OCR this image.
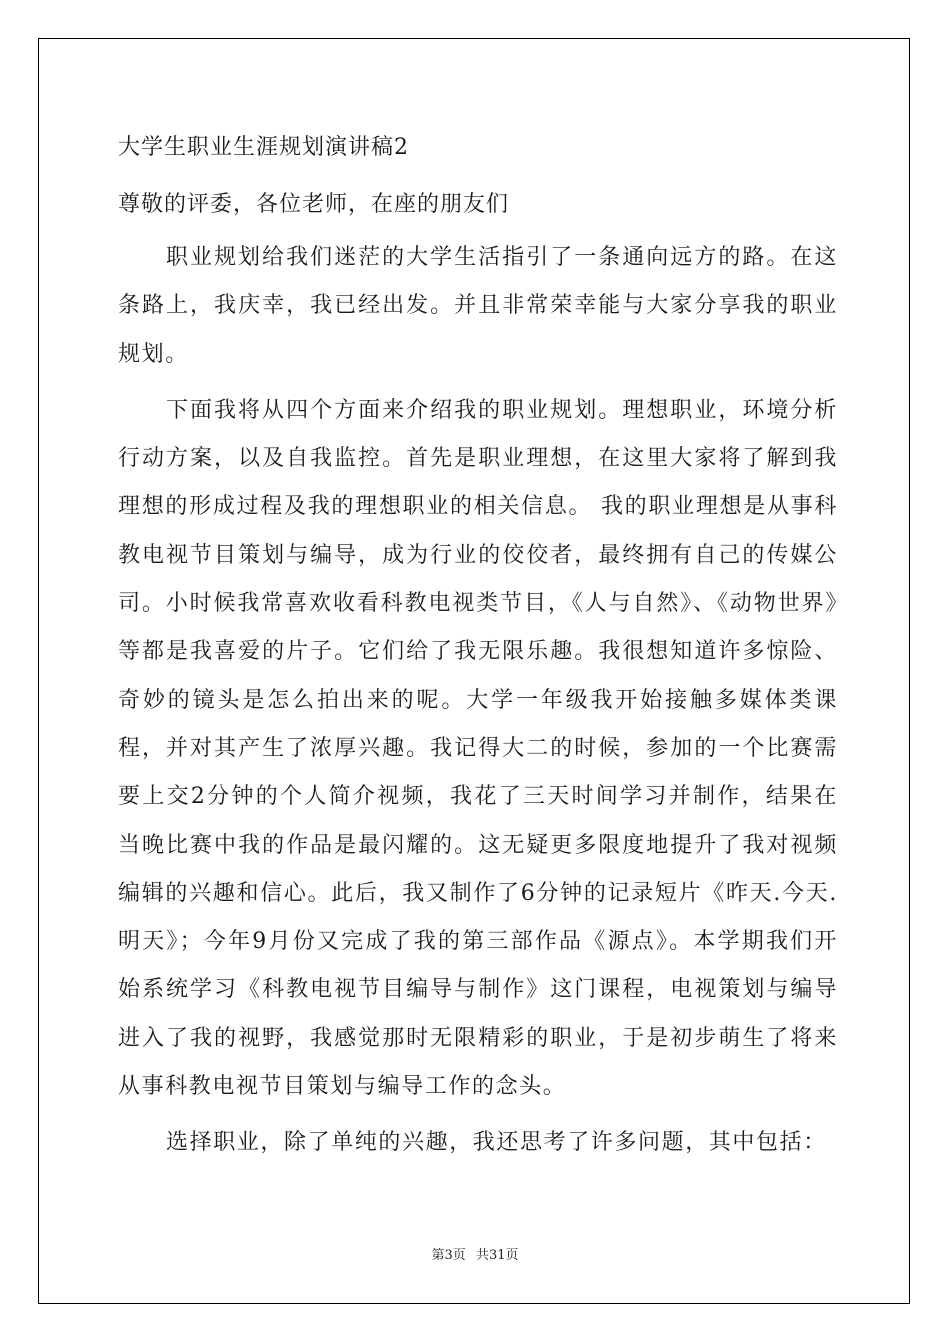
大学生职业生涯规划演讲稿2

尊敬的评委，各位老师，在座的朋友们

职业规划给我们迷茫的大学生活指引了一条通向远方的路。在这条路上，我庆幸，我已经出发。并且非常荣幸能与大家分享我的职业规划。

下面我将从四个方面来介绍我的职业规划。理想职业，环境分析行动方案，以及自我监控。首先是职业理想，在这里大家将了解到我理想的形成过程及我的理想职业的相关信息。 我的职业理想是从事科教电视节目策划与编导，成为行业的佼佼者，最终拥有自己的传媒公司。小时候我常喜欢收看科教电视类节目，《人与自然》、《动物世界》等都是我喜爱的片子。它们给了我无限乐趣。我很想知道许多惊险、奇妙的镜头是怎么拍出来的呢。大学一年级我开始接触多媒体类课程，并对其产生了浓厚兴趣。我记得大二的时候，参加的一个比赛需要上交2分钟的个人简介视频，我花了三天时间学习并制作，结果在当晚比赛中我的作品是最闪耀的。这无疑更多限度地提升了我对视频编辑的兴趣和信心。此后，我又制作了6分钟的记录短片《昨天.今天.明天》；今年9月份又完成了我的第三部作品《源点》。本学期我们开始系统学习《科教电视节目编导与制作》这门课程，电视策划与编导进入了我的视野，我感觉那时无限精彩的职业，于是初步萌生了将来从事科教电视节目策划与编导工作的念头。

选择职业，除了单纯的兴趣，我还思考了许多问题，其中包括：

第3页 共31页
